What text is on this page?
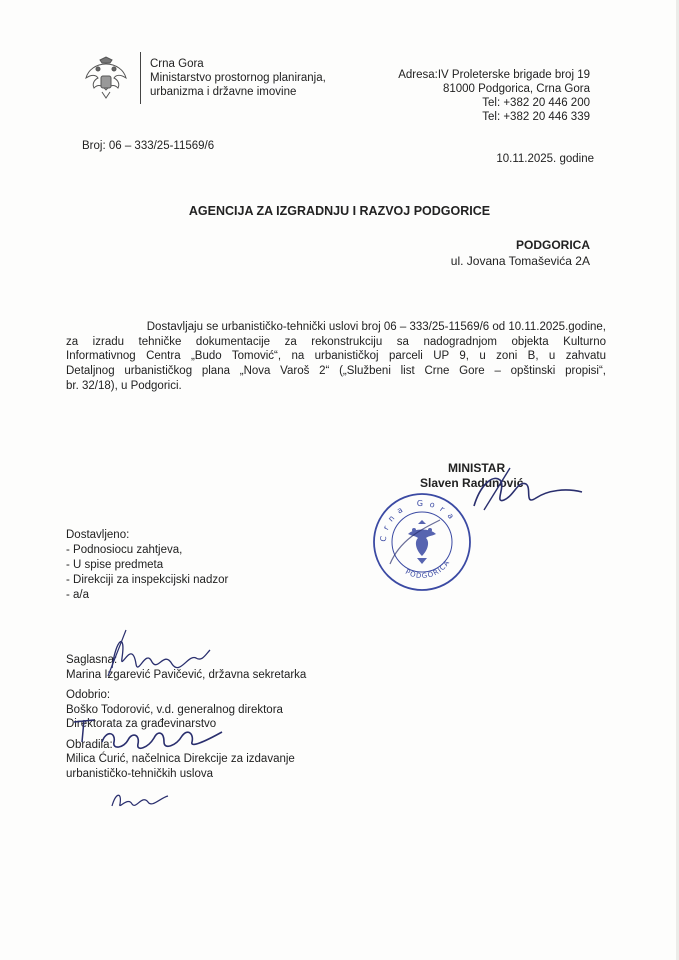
Crna Gora
Ministarstvo prostornog planiranja,
urbanizma i državne imovine
Adresa:IV Proleterske brigade broj 19
81000 Podgorica, Crna Gora
Tel: +382 20 446 200
Tel: +382 20 446 339
Broj: 06 – 333/25-11569/6
10.11.2025. godine
AGENCIJA ZA IZGRADNJU I RAZVOJ PODGORICE
PODGORICA
ul. Jovana Tomaševića 2A

Dostavljaju se urbanističko-tehnički uslovi broj 06 – 333/25-11569/6 od 10.11.2025.godine,

za izradu tehničke dokumentacije za rekonstrukciju sa nadogradnjom objekta Kulturno

Informativnog Centra „Budo Tomović“, na urbanističkoj parceli UP 9, u zoni B, u zahvatu

Detaljnog urbanističkog plana „Nova Varoš 2“ („Službeni list Crne Gore – opštinski propisi“,

br. 32/18), u Podgorici.

MINISTAR
Slaven Radunović
Crna Gora
PODGORICA
Dostavljeno:
- Podnosiocu zahtjeva,
- U spise predmeta
- Direkciji za inspekcijski nadzor
- a/a
Saglasna:
Marina Izgarević Pavičević, državna sekretarka
Odobrio:
Boško Todorović, v.d. generalnog direktora
Direktorata za građevinarstvo
Obradila:
Milica Ćurić, načelnica Direkcije za izdavanje
urbanističko-tehničkih uslova
